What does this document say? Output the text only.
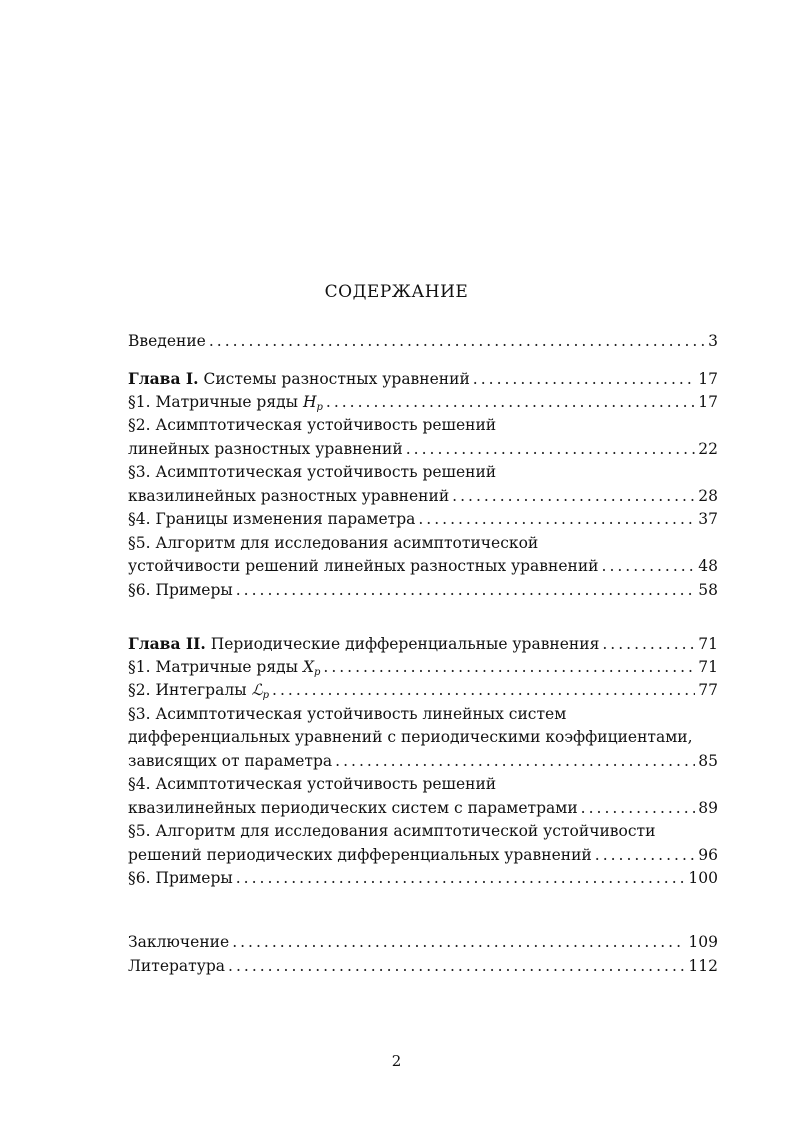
СОДЕРЖАНИЕ
Введение .....	3
Глава I. Системы разностных уравнений .....	17
§1. Матричные ряды $H_p$ .....	17
§2. Асимптотическая устойчивость решений
линейных разностных уравнений .....	22
§3. Асимптотическая устойчивость решений
квазилинейных разностных уравнений .....	28
§4. Границы изменения параметра .....	37
§5. Алгоритм для исследования асимптотической
устойчивости решений линейных разностных уравнений .....	48
§6. Примеры .....	58
Глава II. Периодические дифференциальные уравнения .....	71
§1. Матричные ряды $X_p$ .....	71
§2. Интегралы ℒ$_p$ .....	77
§3. Асимптотическая устойчивость линейных систем
дифференциальных уравнений с периодическими коэффициентами,
зависящих от параметра .....	85
§4. Асимптотическая устойчивость решений
квазилинейных периодических систем с параметрами .....	89
§5. Алгоритм для исследования асимптотической устойчивости
решений периодических дифференциальных уравнений .....	96
§6. Примеры .....	100
Заключение .....	109
Литература .....	112
2
